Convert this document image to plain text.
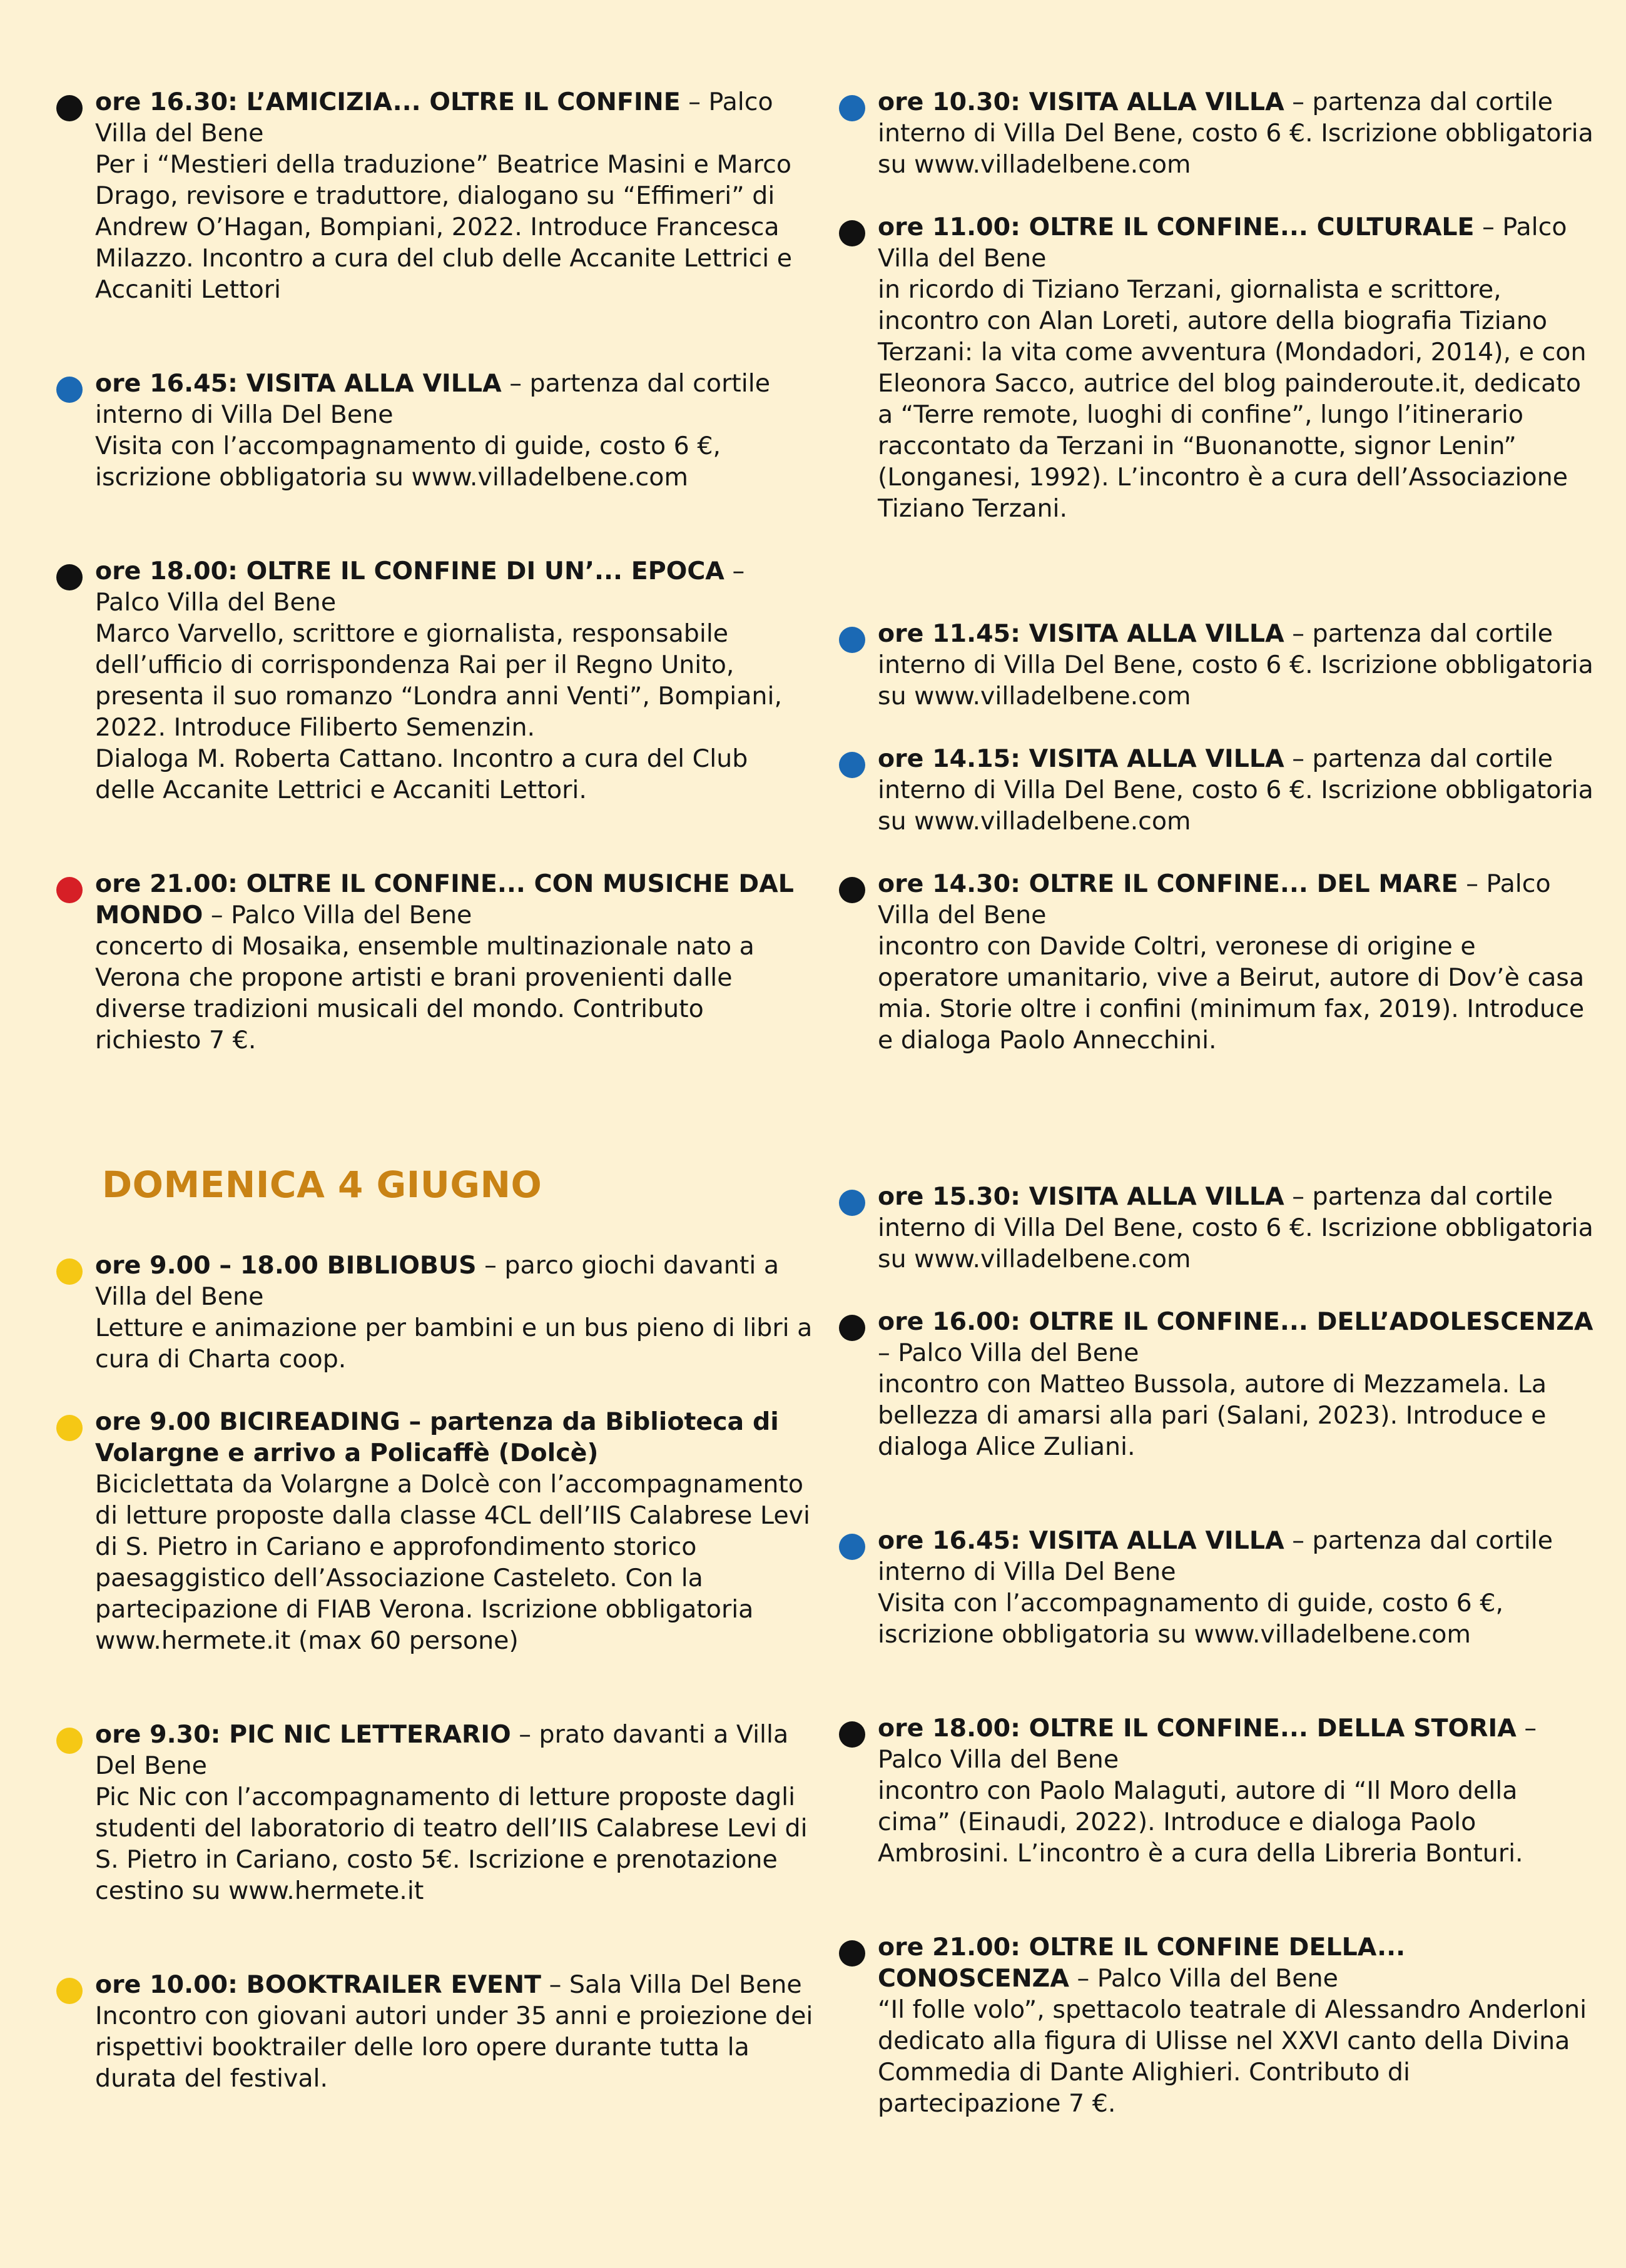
ore 16.30: L’AMICIZIA... OLTRE IL CONFINE – Palco Villa del Bene
Per i “Mestieri della traduzione” Beatrice Masini e Marco Drago, revisore e traduttore, dialogano su “Effimeri” di Andrew O’Hagan, Bompiani, 2022. Introduce Francesca Milazzo. Incontro a cura del club delle Accanite Lettrici e Accaniti Lettori
ore 16.45: VISITA ALLA VILLA – partenza dal cortile interno di Villa Del Bene
Visita con l’accompagnamento di guide, costo 6 €, iscrizione obbligatoria su www.villadelbene.com
ore 18.00: OLTRE IL CONFINE DI UN’... EPOCA – Palco Villa del Bene
Marco Varvello, scrittore e giornalista, responsabile dell’ufficio di corrispondenza Rai per il Regno Unito, presenta il suo romanzo “Londra anni Venti”, Bompiani, 2022. Introduce Filiberto Semenzin.
Dialoga M. Roberta Cattano. Incontro a cura del Club delle Accanite Lettrici e Accaniti Lettori.
ore 21.00: OLTRE IL CONFINE... CON MUSICHE DAL MONDO – Palco Villa del Bene
concerto di Mosaika, ensemble multinazionale nato a Verona che propone artisti e brani provenienti dalle diverse tradizioni musicali del mondo. Contributo richiesto 7 €.
ore 10.30: VISITA ALLA VILLA – partenza dal cortile interno di Villa Del Bene, costo 6 €. Iscrizione obbligatoria su www.villadelbene.com
ore 11.00: OLTRE IL CONFINE... CULTURALE – Palco Villa del Bene
in ricordo di Tiziano Terzani, giornalista e scrittore, incontro con Alan Loreti, autore della biografia Tiziano Terzani: la vita come avventura (Mondadori, 2014), e con Eleonora Sacco, autrice del blog painderoute.it, dedicato a “Terre remote, luoghi di confine”, lungo l’itinerario raccontato da Terzani in “Buonanotte, signor Lenin” (Longanesi, 1992). L’incontro è a cura dell’Associazione Tiziano Terzani.
ore 11.45: VISITA ALLA VILLA – partenza dal cortile interno di Villa Del Bene, costo 6 €. Iscrizione obbligatoria su www.villadelbene.com
ore 14.15: VISITA ALLA VILLA – partenza dal cortile interno di Villa Del Bene, costo 6 €. Iscrizione obbligatoria su www.villadelbene.com
ore 14.30: OLTRE IL CONFINE... DEL MARE – Palco Villa del Bene
incontro con Davide Coltri, veronese di origine e operatore umanitario, vive a Beirut, autore di Dov’è casa mia. Storie oltre i confini (minimum fax, 2019). Introduce e dialoga Paolo Annecchini.
DOMENICA 4 GIUGNO
ore 9.00 – 18.00 BIBLIOBUS – parco giochi davanti a Villa del Bene
Letture e animazione per bambini e un bus pieno di libri a cura di Charta coop.
ore 9.00 BICIREADING – partenza da Biblioteca di Volargne e arrivo a Policaffè (Dolcè)
Biciclettata da Volargne a Dolcè con l’accompagnamento di letture proposte dalla classe 4CL dell’IIS Calabrese Levi di S. Pietro in Cariano e approfondimento storico paesaggistico dell’Associazione Casteleto. Con la partecipazione di FIAB Verona. Iscrizione obbligatoria www.hermete.it (max 60 persone)
ore 9.30: PIC NIC LETTERARIO – prato davanti a Villa Del Bene
Pic Nic con l’accompagnamento di letture proposte dagli studenti del laboratorio di teatro dell’IIS Calabrese Levi di S. Pietro in Cariano, costo 5€. Iscrizione e prenotazione cestino su www.hermete.it
ore 10.00: BOOKTRAILER EVENT – Sala Villa Del Bene
Incontro con giovani autori under 35 anni e proiezione dei rispettivi booktrailer delle loro opere durante tutta la durata del festival.
ore 15.30: VISITA ALLA VILLA – partenza dal cortile interno di Villa Del Bene, costo 6 €. Iscrizione obbligatoria su www.villadelbene.com
ore 16.00: OLTRE IL CONFINE... DELL’ADOLESCENZA – Palco Villa del Bene
incontro con Matteo Bussola, autore di Mezzamela. La bellezza di amarsi alla pari (Salani, 2023). Introduce e dialoga Alice Zuliani.
ore 16.45: VISITA ALLA VILLA – partenza dal cortile interno di Villa Del Bene
Visita con l’accompagnamento di guide, costo 6 €, iscrizione obbligatoria su www.villadelbene.com
ore 18.00: OLTRE IL CONFINE... DELLA STORIA – Palco Villa del Bene
incontro con Paolo Malaguti, autore di “Il Moro della cima” (Einaudi, 2022). Introduce e dialoga Paolo Ambrosini. L’incontro è a cura della Libreria Bonturi.
ore 21.00: OLTRE IL CONFINE DELLA... CONOSCENZA – Palco Villa del Bene
“Il folle volo”, spettacolo teatrale di Alessandro Anderloni dedicato alla figura di Ulisse nel XXVI canto della Divina Commedia di Dante Alighieri. Contributo di partecipazione 7 €.
